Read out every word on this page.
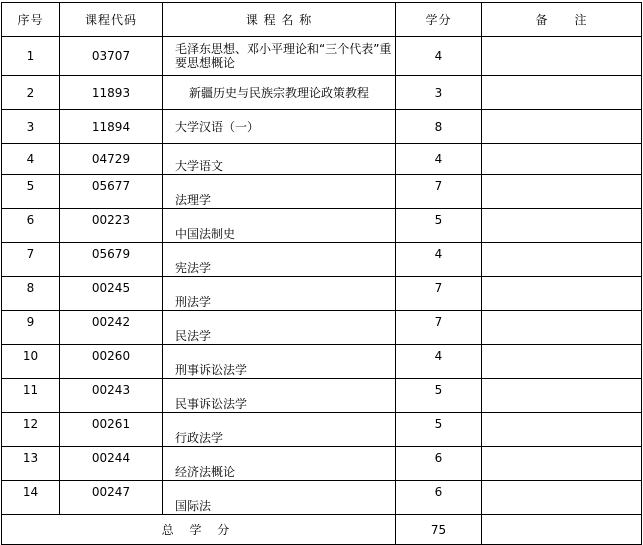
序号	课程代码	课 程 名 称	学分	备　　注
1	03707	毛泽东思想、邓小平理论和“三个代表”重要思想概论	4	
2	11893	新疆历史与民族宗教理论政策教程	3	
3	11894	大学汉语（一）	8	
4	04729	大学语文	4	
5	05677	法理学	7	
6	00223	中国法制史	5	
7	05679	宪法学	4	
8	00245	刑法学	7	
9	00242	民法学	7	
10	00260	刑事诉讼法学	4	
11	00243	民事诉讼法学	5	
12	00261	行政法学	5	
13	00244	经济法概论	6	
14	00247	国际法	6	
总 学 分			75	
